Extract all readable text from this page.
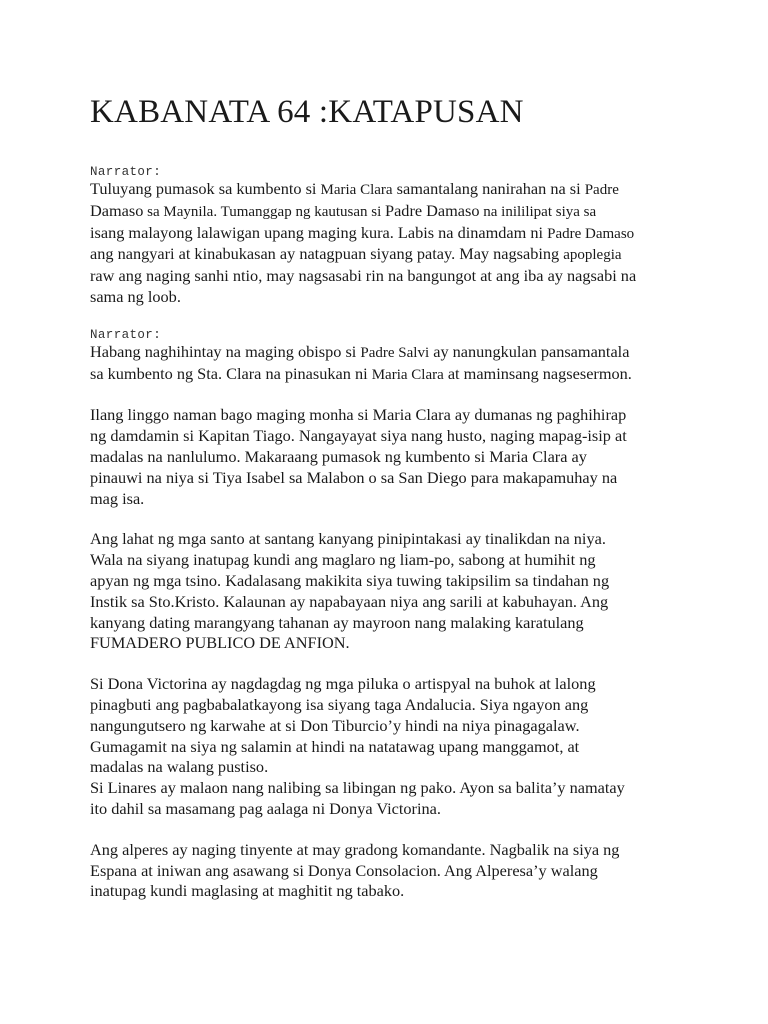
KABANATA 64 :KATAPUSAN

Narrator:

Tuluyang pumasok sa kumbento si Maria Clara samantalang nanirahan na si Padre
Damaso sa Maynila. Tumanggap ng kautusan si Padre Damaso na inililipat siya sa
isang malayong lalawigan upang maging kura. Labis na dinamdam ni Padre Damaso
ang nangyari at kinabukasan ay natagpuan siyang patay. May nagsabing apoplegia
raw ang naging sanhi ntio, may nagsasabi rin na bangungot at ang iba ay nagsabi na
sama ng loob.

Narrator:

Habang naghihintay na maging obispo si Padre Salvi ay nanungkulan pansamantala
sa kumbento ng Sta. Clara na pinasukan ni Maria Clara at maminsang nagsesermon.

Ilang linggo naman bago maging monha si Maria Clara ay dumanas ng paghihirap
ng damdamin si Kapitan Tiago. Nangayayat siya nang husto, naging mapag-isip at
madalas na nanlulumo. Makaraang pumasok ng kumbento si Maria Clara ay
pinauwi na niya si Tiya Isabel sa Malabon o sa San Diego para makapamuhay na
mag isa.

Ang lahat ng mga santo at santang kanyang pinipintakasi ay tinalikdan na niya.
Wala na siyang inatupag kundi ang maglaro ng liam-po, sabong at humihit ng
apyan ng mga tsino. Kadalasang makikita siya tuwing takipsilim sa tindahan ng
Instik sa Sto.Kristo. Kalaunan ay napabayaan niya ang sarili at kabuhayan. Ang
kanyang dating marangyang tahanan ay mayroon nang malaking karatulang
FUMADERO PUBLICO DE ANFION.

Si Dona Victorina ay nagdagdag ng mga piluka o artispyal na buhok at lalong
pinagbuti ang pagbabalatkayong isa siyang taga Andalucia. Siya ngayon ang
nangungutsero ng karwahe at si Don Tiburcio’y hindi na niya pinagagalaw.
Gumagamit na siya ng salamin at hindi na natatawag upang manggamot, at
madalas na walang pustiso.
Si Linares ay malaon nang nalibing sa libingan ng pako. Ayon sa balita’y namatay
ito dahil sa masamang pag aalaga ni Donya Victorina.

Ang alperes ay naging tinyente at may gradong komandante. Nagbalik na siya ng
Espana at iniwan ang asawang si Donya Consolacion. Ang Alperesa’y walang
inatupag kundi maglasing at maghitit ng tabako.
